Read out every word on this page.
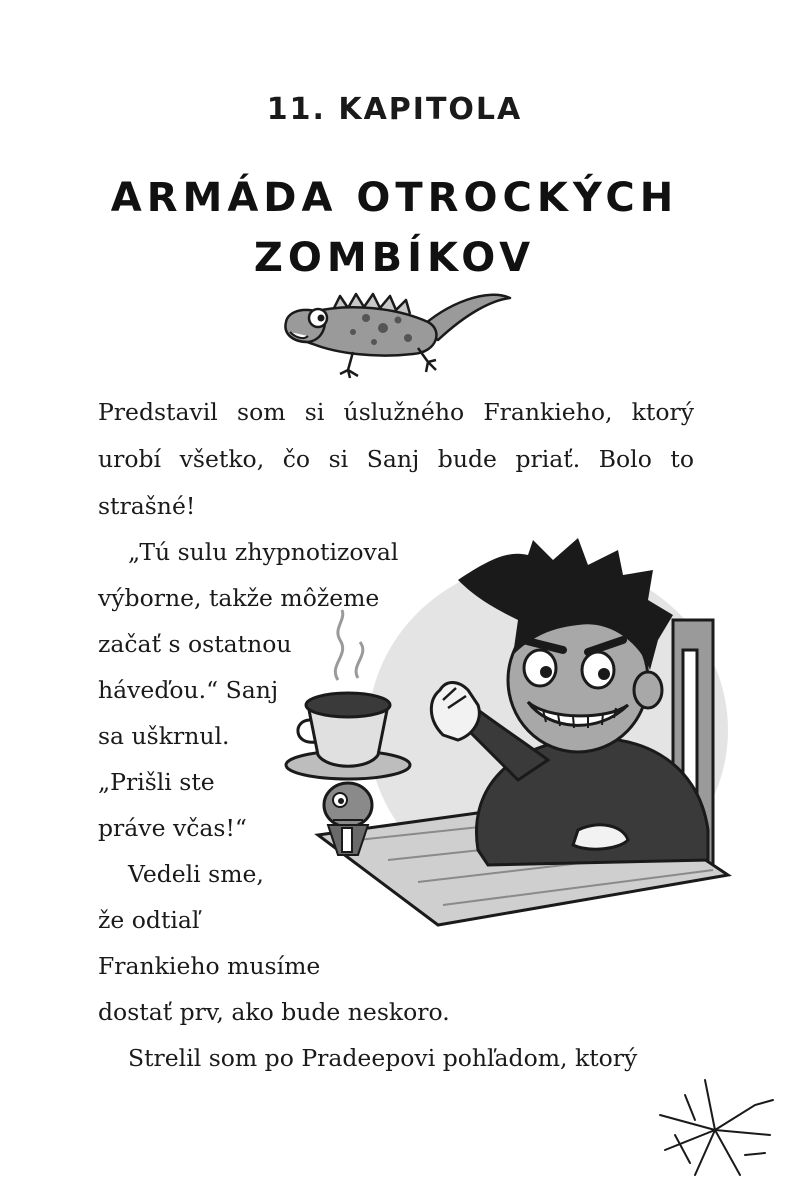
11. KAPITOLA
ARMÁDA OTROCKÝCH
ZOMBÍKOV
Predstavil som si úslužného Frankieho, ktorý
urobí všetko, čo si Sanj bude priať. Bolo to
strašné!
„Tú sulu zhypnotizoval
výborne, takže môžeme
začať s ostatnou
háveďou.“ Sanj
sa uškrnul.
„Prišli ste
práve včas!“
Vedeli sme,
že odtiaľ
Frankieho musíme
dostať prv, ako bude neskoro.
Strelil som po Pradeepovi pohľadom, ktorý
